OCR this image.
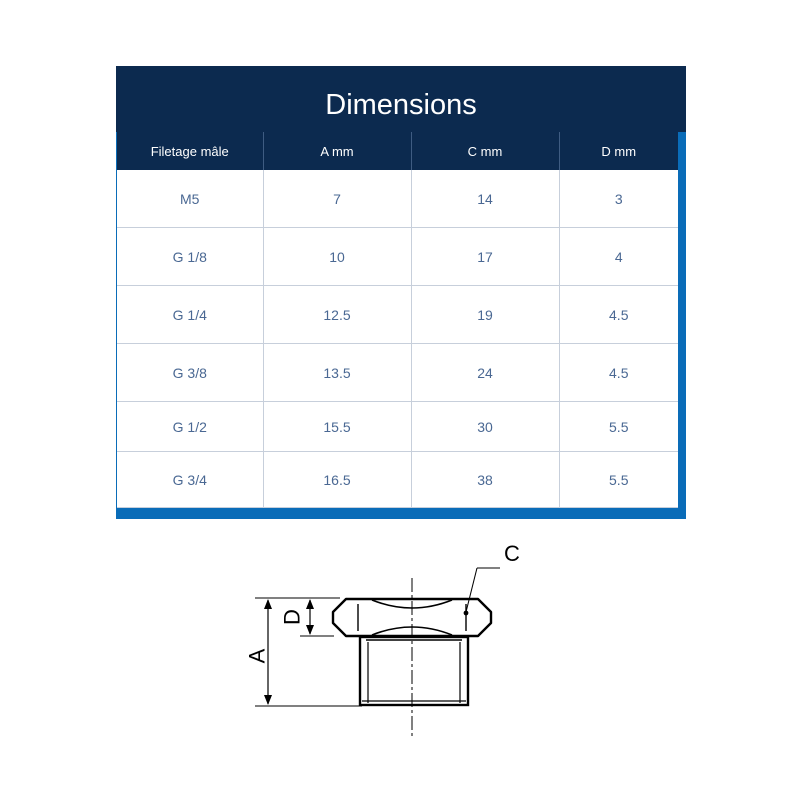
Dimensions
Filetage mâle	A mm	C mm	D mm
M5	7	14	3
G 1/8	10	17	4
G 1/4	12.5	19	4.5
G 3/8	13.5	24	4.5
G 1/2	15.5	30	5.5
G 3/4	16.5	38	5.5
A
D
C
